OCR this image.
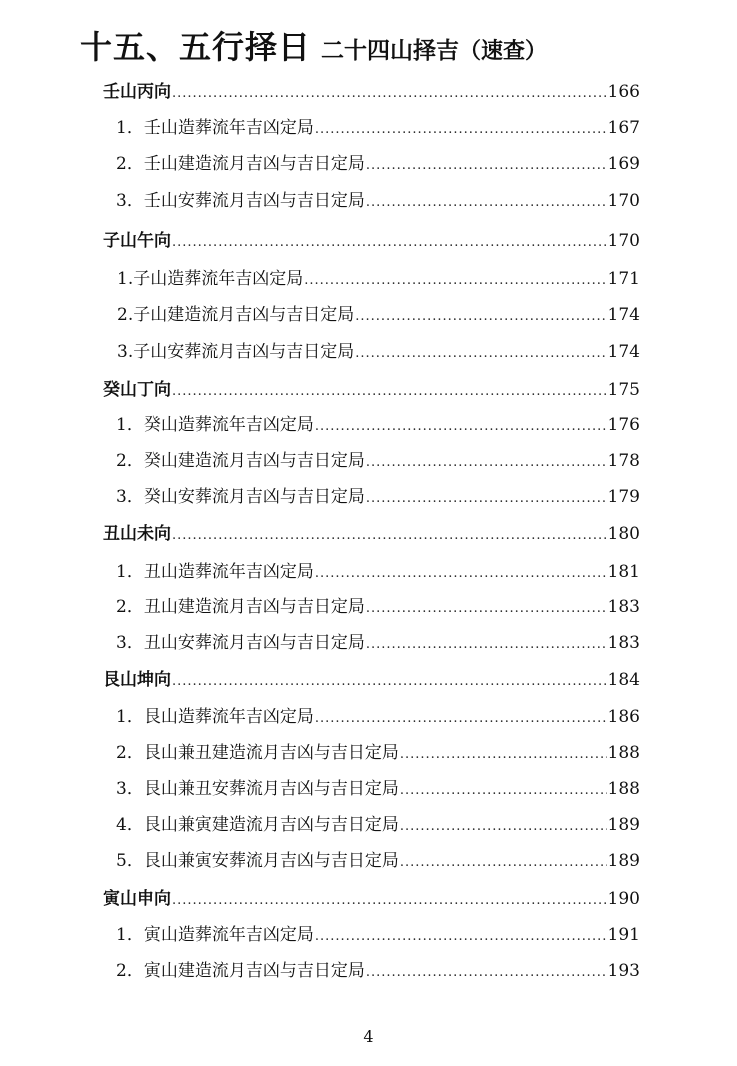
十五、五行择日 二十四山择吉（速查）
壬山丙向 .....	166
1．壬山造葬流年吉凶定局 .....	167
2．壬山建造流月吉凶与吉日定局 .....	169
3．壬山安葬流月吉凶与吉日定局 .....	170
子山午向 .....	170
1.子山造葬流年吉凶定局 .....	171
2.子山建造流月吉凶与吉日定局 .....	174
3.子山安葬流月吉凶与吉日定局 .....	174
癸山丁向 .....	175
1．癸山造葬流年吉凶定局 .....	176
2．癸山建造流月吉凶与吉日定局 .....	178
3．癸山安葬流月吉凶与吉日定局 .....	179
丑山未向 .....	180
1．丑山造葬流年吉凶定局 .....	181
2．丑山建造流月吉凶与吉日定局 .....	183
3．丑山安葬流月吉凶与吉日定局 .....	183
艮山坤向 .....	184
1．艮山造葬流年吉凶定局 .....	186
2．艮山兼丑建造流月吉凶与吉日定局 .....	188
3．艮山兼丑安葬流月吉凶与吉日定局 .....	188
4．艮山兼寅建造流月吉凶与吉日定局 .....	189
5．艮山兼寅安葬流月吉凶与吉日定局 .....	189
寅山申向 .....	190
1．寅山造葬流年吉凶定局 .....	191
2．寅山建造流月吉凶与吉日定局 .....	193
4
